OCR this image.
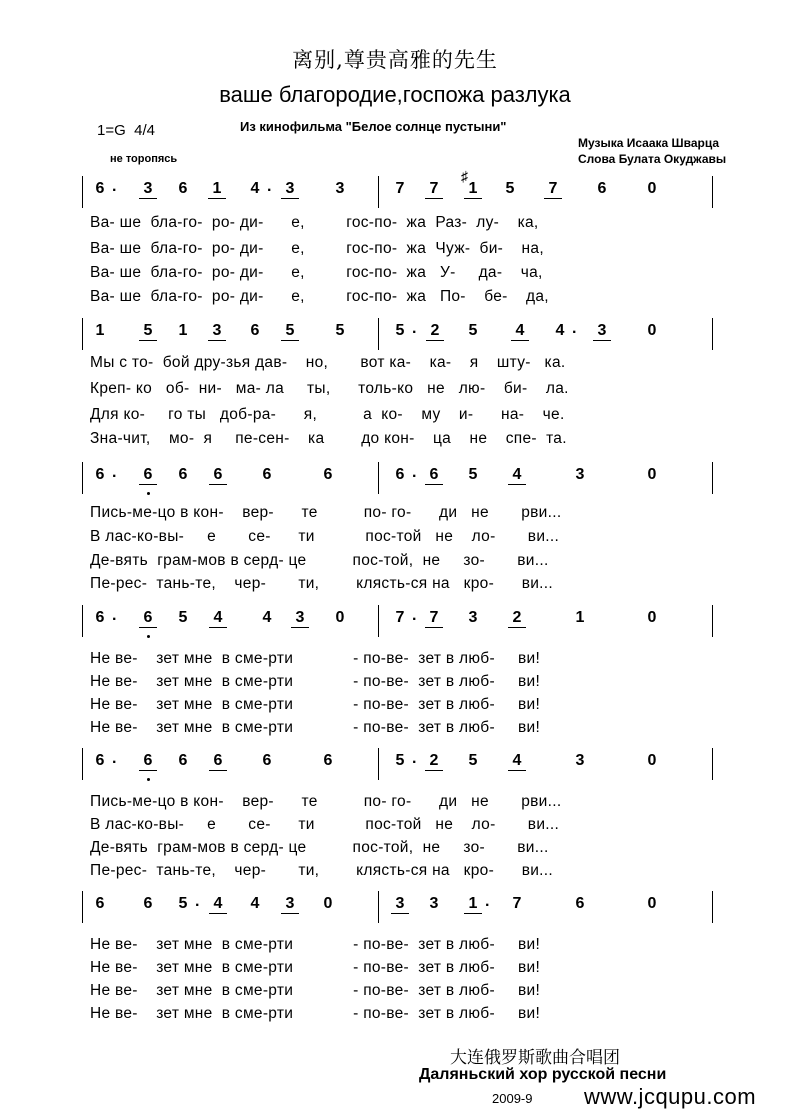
离别,尊贵高雅的先生
ваше благородие,госпожа разлука
1=G  4/4	Из кинофильма "Белое солнце пустыни"
Музыка Исаака Шварца
Слова Булата Окуджавы
не торопясь
6 · 3 6 1 4 · 3	3	7 7 1
♯
5 7	6	0
Ва- ше  бла-го-  ро- ди-      е,         гос-по-  жа  Раз-  лу-    ка,
Ва- ше  бла-го-  ро- ди-      е,         гос-по-  жа  Чуж-  би-    на,
Ва- ше  бла-го-  ро- ди-      е,         гос-по-  жа   У-     да-    ча,
Ва- ше  бла-го-  ро- ди-      е,         гос-по-  жа   По-    бе-    да,
1 5 1 3 6 5	5	5 · 2 5 4 4 · 3	0
Мы с то-  бой дру-зья дав-    но,       вот ка-    ка-    я    шту-   ка.
Креп- ко   об-  ни-   ма- ла     ты,      толь-ко   не   лю-    би-    ла.
Для ко-     го ты   доб-ра-      я,          а  ко-    му    и-      на-    че.
Зна-чит,    мо-  я     пе-сен-    ка        до кон-    ца    не    спе-  та.
6 · 6 6 6	6	6	6 · 6 5 4	3	0
Пись-ме-цо в кон-    вер-      те          по- го-      ди   не       рви...
В лас-ко-вы-     е       се-      ти           пос-той   не    ло-       ви...
Де-вять  грам-мов в серд- це          пос-той,  не     зо-       ви...
Пе-рес-  тань-те,    чер-       ти,        клясть-ся на   кро-      ви...
6 · 6 5 4	4 3 0	7 · 7 3 2	1	0
Не ве-    зет мне  в сме-рти             - по-ве-  зет в люб-     ви!
Не ве-    зет мне  в сме-рти             - по-ве-  зет в люб-     ви!
Не ве-    зет мне  в сме-рти             - по-ве-  зет в люб-     ви!
Не ве-    зет мне  в сме-рти             - по-ве-  зет в люб-     ви!
6 · 6 6 6	6	6	5 · 2 5 4	3	0
Пись-ме-цо в кон-    вер-      те          по- го-      ди   не       рви...
В лас-ко-вы-     е       се-      ти           пос-той   не    ло-       ви...
Де-вять  грам-мов в серд- це          пос-той,  не     зо-       ви...
Пе-рес-  тань-те,    чер-       ти,        клясть-ся на   кро-      ви...
6 6 5 · 4 4 3 0	3 3 1 · 7	6	0
Не ве-    зет мне  в сме-рти             - по-ве-  зет в люб-     ви!
Не ве-    зет мне  в сме-рти             - по-ве-  зет в люб-     ви!
Не ве-    зет мне  в сме-рти             - по-ве-  зет в люб-     ви!
Не ве-    зет мне  в сме-рти             - по-ве-  зет в люб-     ви!
大连俄罗斯歌曲合唱团
Даляньский хор русской песни
2009-9 www.jcqupu.com
